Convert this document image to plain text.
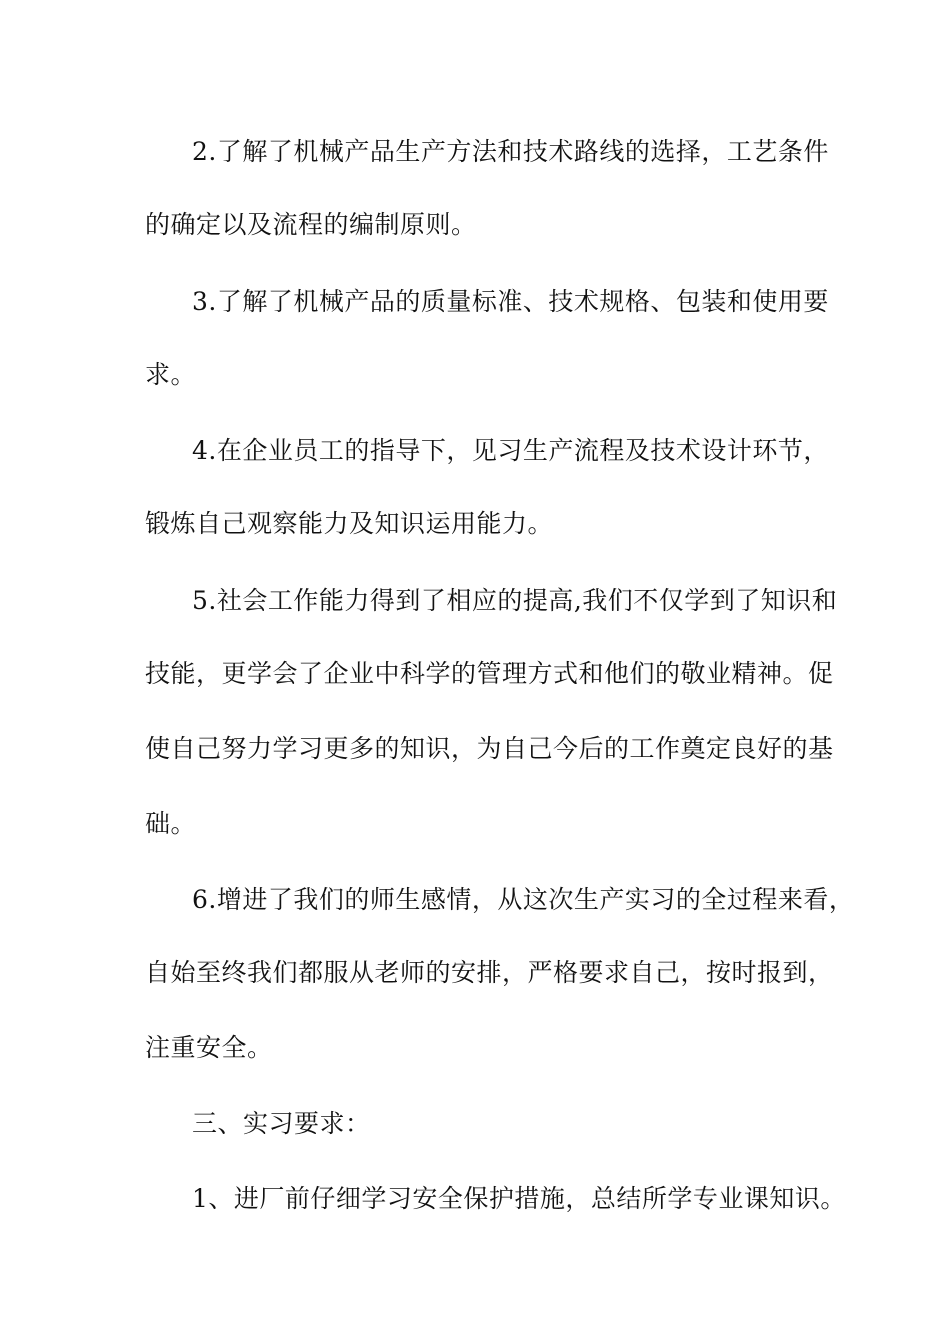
2.了解了机械产品生产方法和技术路线的选择，工艺条件
的确定以及流程的编制原则。
3.了解了机械产品的质量标准、技术规格、包装和使用要
求。
4.在企业员工的指导下，见习生产流程及技术设计环节，
锻炼自己观察能力及知识运用能力。
5.社会工作能力得到了相应的提高,我们不仅学到了知识和
技能，更学会了企业中科学的管理方式和他们的敬业精神。促
使自己努力学习更多的知识，为自己今后的工作奠定良好的基
础。
6.增进了我们的师生感情，从这次生产实习的全过程来看，
自始至终我们都服从老师的安排，严格要求自己，按时报到，
注重安全。
三、实习要求：
1、进厂前仔细学习安全保护措施，总结所学专业课知识。
